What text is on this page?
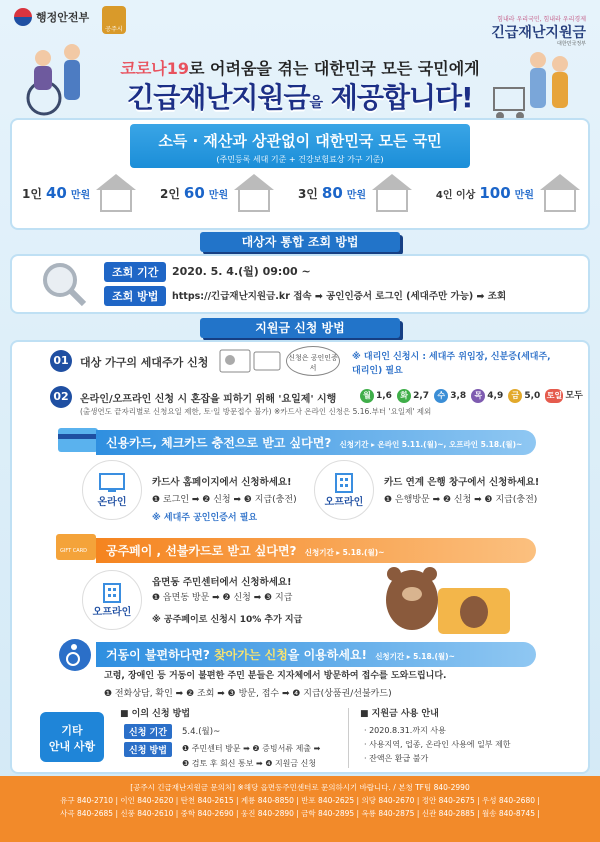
행정안전부
공주시
힘내라 우리국민, 힘내라 우리경제
긴급재난지원금
대한민국정부
코로나19로 어려움을 겪는 대한민국 모든 국민에게
긴급재난지원금을 제공합니다!
소득 · 재산과 상관없이 대한민국 모든 국민
(주민등록 세대 기준 + 건강보험료상 가구 기준)
1인 40 만원	2인 60 만원	3인 80 만원	4인 이상 100 만원
대상자 통합 조회 방법
조회 기간	2020. 5. 4.(월) 09:00 ~
조회 방법	https://긴급재난지원금.kr 접속 ➡ 공인인증서 로그인 (세대주만 가능) ➡ 조회
지원금 신청 방법
01	대상 가구의 세대주가 신청	신청은 공인인증서
※ 대리인 신청시 : 세대주 위임장, 신분증(세대주, 대리인) 필요
02	온라인/오프라인 신청 시 혼잡을 피하기 위해 '요일제' 시행	월 1,6 화 2,7 수 3,8 목 4,9 금 5,0 토일 모두
(출생연도 끝자리별로 신청요일 제한, 토·일 방문접수 불가) ※카드사 온라인 신청은 5.16.부터 '요일제' 제외
신용카드, 체크카드 충전으로 받고 싶다면? 신청기간 ▸ 온라인 5.11.(월)~, 오프라인 5.18.(월)~
온라인
카드사 홈페이지에서 신청하세요!
❶ 로그인 ➡ ❷ 신청 ➡ ❸ 지급(충전)
※ 세대주 공인인증서 필요
오프라인
카드 연계 은행 창구에서 신청하세요!
❶ 은행방문 ➡ ❷ 신청 ➡ ❸ 지급(충전)
GIFT CARD	공주페이 , 선불카드로 받고 싶다면? 신청기간 ▸ 5.18.(월)~
오프라인
읍면동 주민센터에서 신청하세요!
❶ 읍면동 방문 ➡ ❷ 신청 ➡ ❸ 지급
※ 공주페이로 신청시 10% 추가 지급
거동이 불편하다면? 찾아가는 신청을 이용하세요! 신청기간 ▸ 5.18.(월)~
고령, 장애인 등 거동이 불편한 주민 분들은 지자체에서 방문하여 접수를 도와드립니다.
❶ 전화상담, 확인 ➡ ❷ 조회 ➡ ❸ 방문, 접수 ➡ ❹ 지급(상품권/선불카드)
기타
안내 사항
■ 이의 신청 방법
신청 기간	5.4.(월)~
신청 방법	❶ 주민센터 방문 ➡ ❷ 증빙서류 제출 ➡
❸ 검토 후 회신 통보 ➡ ❹ 지원금 신청
■ 지원금 사용 안내
· 2020.8.31.까지 사용
· 사용지역, 업종, 온라인 사용에 일부 제한
· 잔액은 환급 불가
[공주시 긴급재난지원금 문의처] ※해당 읍면동주민센터로 문의하시기 바랍니다. / 본청 TF팀 840-2990
유구 840-2710 | 이인 840-2620 | 탄천 840-2615 | 계룡 840-8850 | 반포 840-2625 | 의당 840-2670 | 정안 840-2675 | 우성 840-2680 |
사곡 840-2685 | 신풍 840-2610 | 중학 840-2690 | 웅진 840-2890 | 금학 840-2895 | 옥룡 840-2875 | 신관 840-2885 | 월송 840-8745 |
